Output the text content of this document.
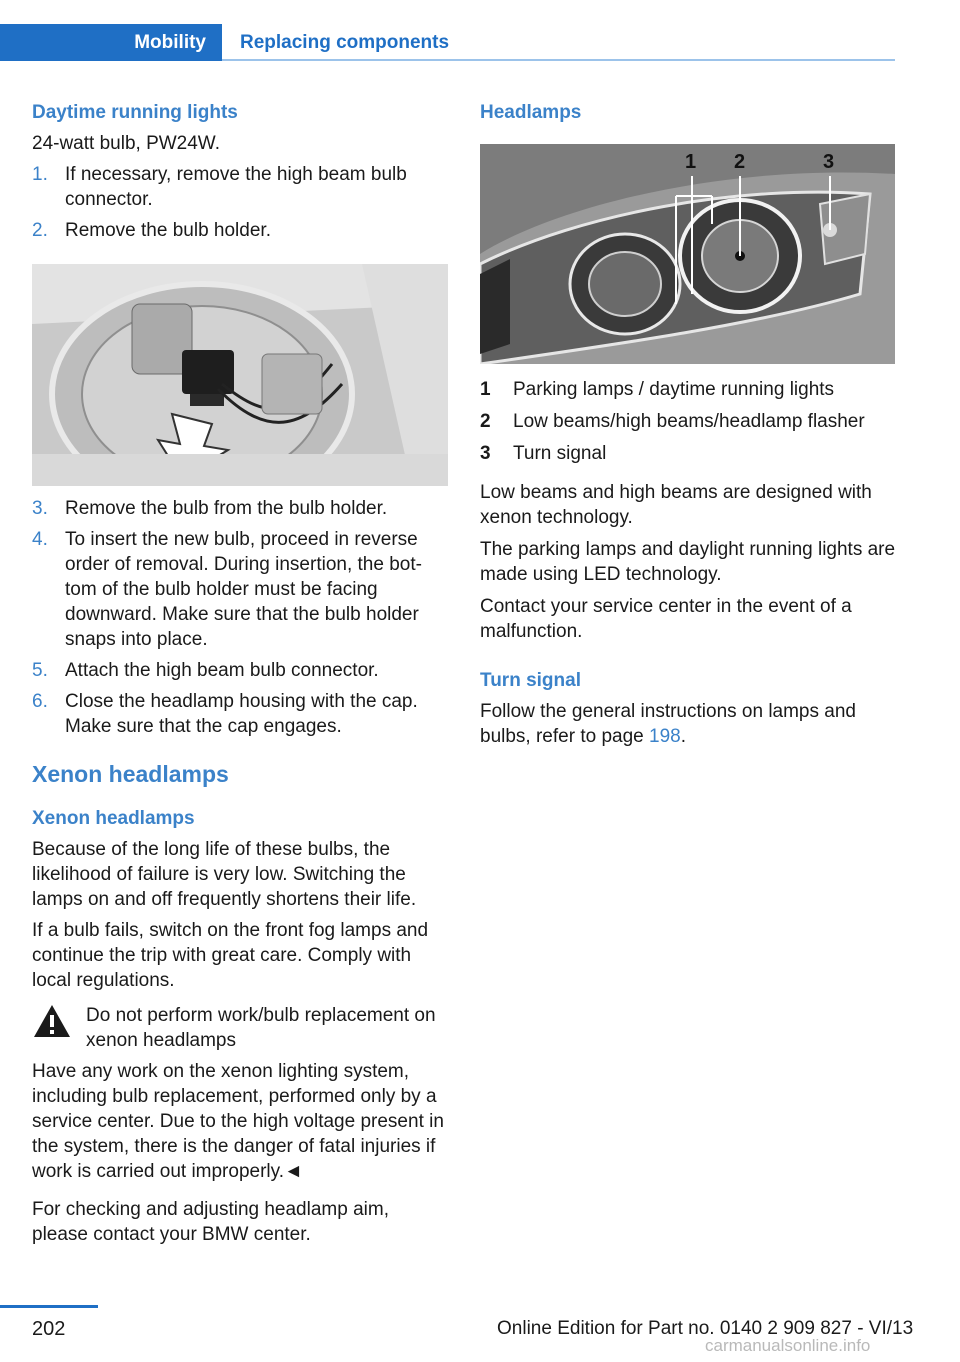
Mobility	Replacing components
Daytime running lights

24-watt bulb, PW24W.

1. If necessary, remove the high beam bulb connector.
2. Remove the bulb holder.
3. Remove the bulb from the bulb holder.
4. To insert the new bulb, proceed in reverse order of removal. During insertion, the bot-tom of the bulb holder must be facing downward. Make sure that the bulb holder snaps into place.
5. Attach the high beam bulb connector.
6. Close the headlamp housing with the cap. Make sure that the cap engages.
Xenon headlamps
Xenon headlamps

Because of the long life of these bulbs, the likelihood of failure is very low. Switching the lamps on and off frequently shortens their life.

If a bulb fails, switch on the front fog lamps and continue the trip with great care. Comply with local regulations.

Do not perform work/bulb replacement on xenon headlamps

Have any work on the xenon lighting system, including bulb replacement, performed only by a service center. Due to the high voltage present in the system, there is the danger of fatal injuries if work is carried out improperly.◄

For checking and adjusting headlamp aim, please contact your BMW center.

Headlamps
1 2	3
1	Parking lamps / daytime running lights
2	Low beams/high beams/headlamp flasher
3	Turn signal

Low beams and high beams are designed with xenon technology.

The parking lamps and daylight running lights are made using LED technology.

Contact your service center in the event of a malfunction.

Turn signal

Follow the general instructions on lamps and bulbs, refer to page 198.

202	Online Edition for Part no. 0140 2 909 827 - VI/13
carmanualsonline.info
